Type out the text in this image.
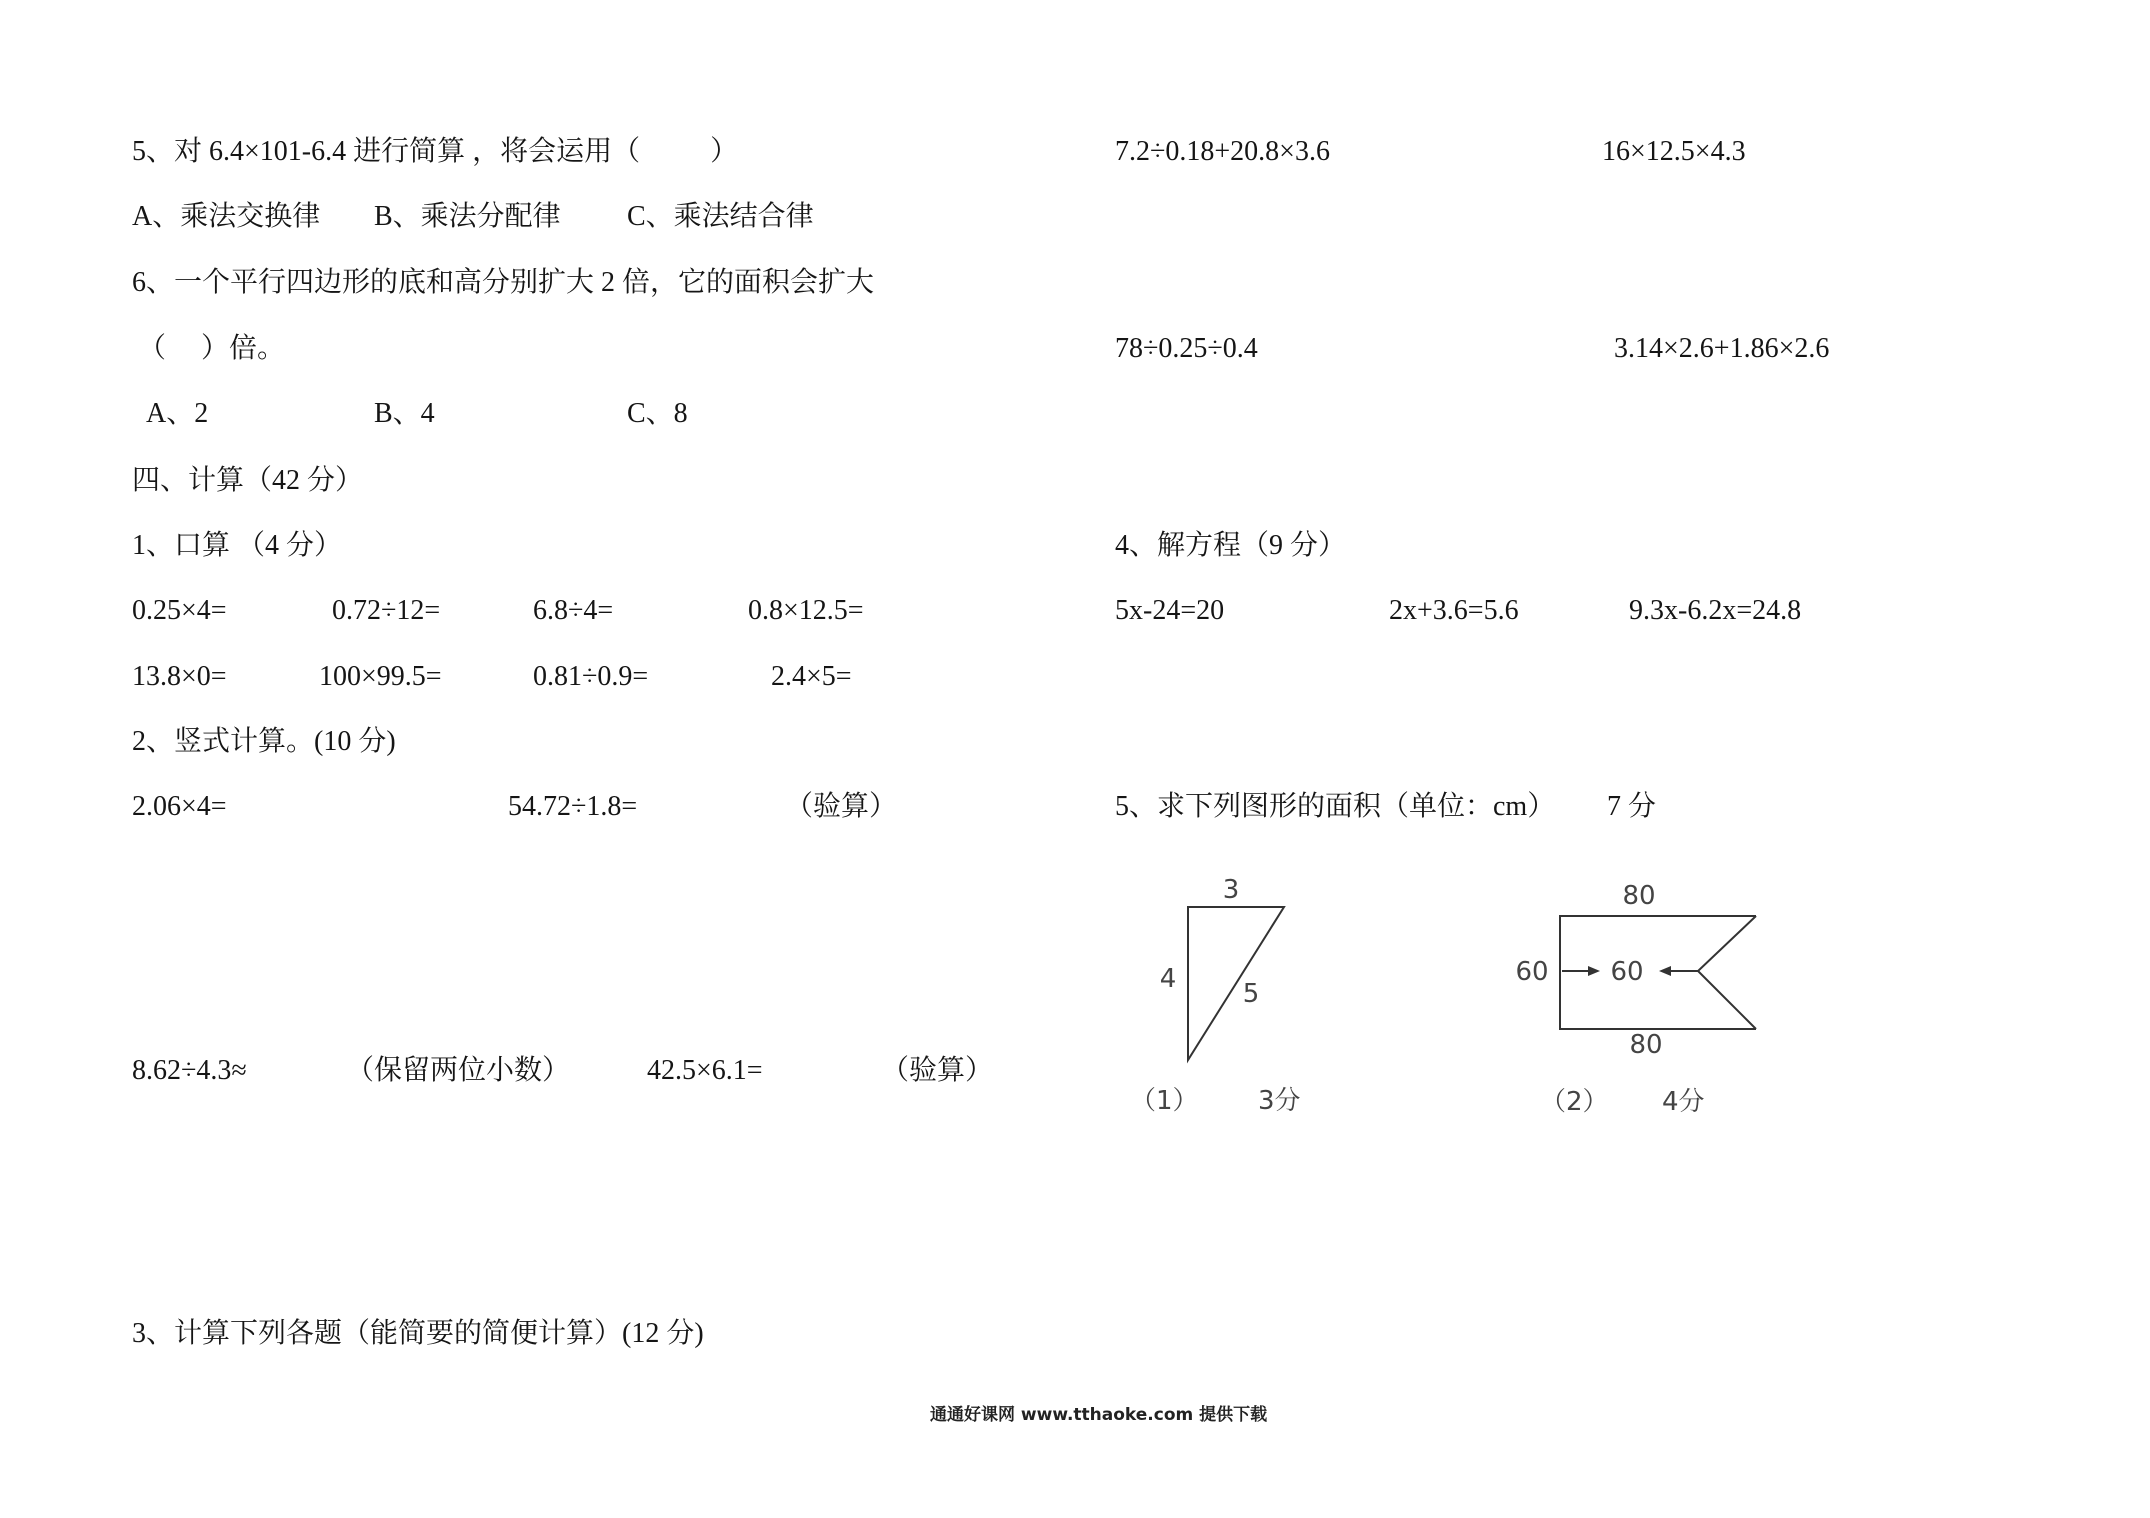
5、对 6.4×101-6.4 进行简算 ，将会运用（          ）
A、乘法交换律 B、乘法分配律 C、乘法结合律
6、一个平行四边形的底和高分别扩大 2 倍，它的面积会扩大
（     ）倍。
A、2	B、4	C、8
四、计算（42 分）
1、口算 （4 分）
0.25×4=	0.72÷12=	6.8÷4=	0.8×12.5=
13.8×0=	100×99.5=	0.81÷0.9=	2.4×5=
2、竖式计算。(10 分)
2.06×4=	54.72÷1.8=	（验算）
8.62÷4.3≈	（保留两位小数）	42.5×6.1=	（验算）
3、计算下列各题（能简要的简便计算）(12 分)
7.2÷0.18+20.8×3.6	16×12.5×4.3
78÷0.25÷0.4	3.14×2.6+1.86×2.6
4、解方程（9 分）
5x-24=20	2x+3.6=5.6	9.3x-6.2x=24.8
5、求下列图形的面积（单位：cm） 7 分
3
4	5
（1） 3分
80
80
60 60
（2） 4分
通通好课网 www.tthaoke.com 提供下载
